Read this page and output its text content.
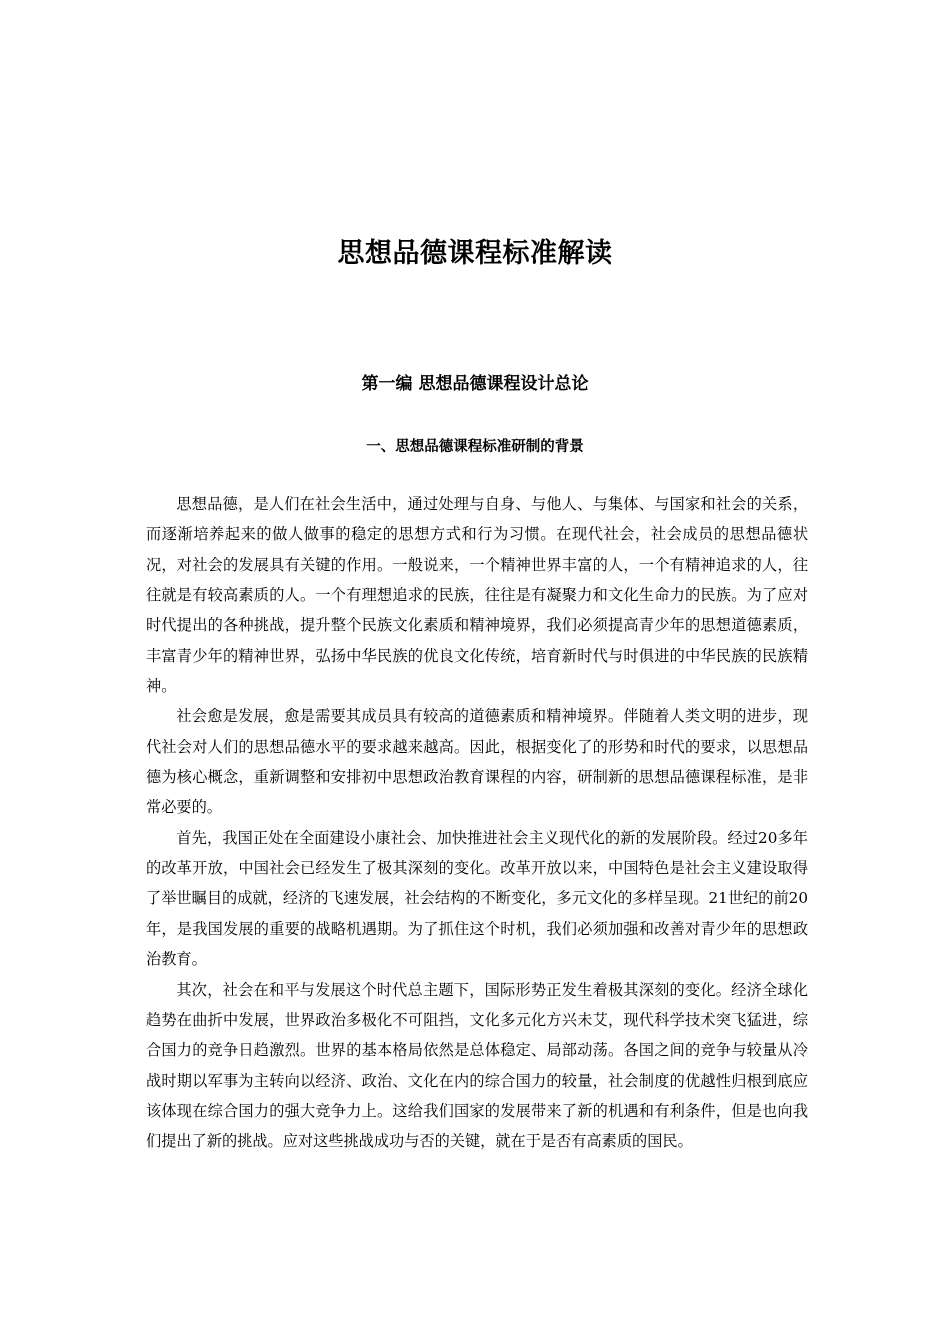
思想品德课程标准解读
第一编 思想品德课程设计总论
一、思想品德课程标准研制的背景

思想品德，是人们在社会生活中，通过处理与自身、与他人、与集体、与国家和社会的关系，而逐渐培养起来的做人做事的稳定的思想方式和行为习惯。在现代社会，社会成员的思想品德状况，对社会的发展具有关键的作用。一般说来，一个精神世界丰富的人，一个有精神追求的人，往往就是有较高素质的人。一个有理想追求的民族，往往是有凝聚力和文化生命力的民族。为了应对时代提出的各种挑战，提升整个民族文化素质和精神境界，我们必须提高青少年的思想道德素质，丰富青少年的精神世界，弘扬中华民族的优良文化传统，培育新时代与时俱进的中华民族的民族精神。

社会愈是发展，愈是需要其成员具有较高的道德素质和精神境界。伴随着人类文明的进步，现代社会对人们的思想品德水平的要求越来越高。因此，根据变化了的形势和时代的要求，以思想品德为核心概念，重新调整和安排初中思想政治教育课程的内容，研制新的思想品德课程标准，是非常必要的。

首先，我国正处在全面建设小康社会、加快推进社会主义现代化的新的发展阶段。经过20多年的改革开放，中国社会已经发生了极其深刻的变化。改革开放以来，中国特色是社会主义建设取得了举世瞩目的成就，经济的飞速发展，社会结构的不断变化，多元文化的多样呈现。21世纪的前20年，是我国发展的重要的战略机遇期。为了抓住这个时机，我们必须加强和改善对青少年的思想政治教育。

其次，社会在和平与发展这个时代总主题下，国际形势正发生着极其深刻的变化。经济全球化趋势在曲折中发展，世界政治多极化不可阻挡，文化多元化方兴未艾，现代科学技术突飞猛进，综合国力的竞争日趋激烈。世界的基本格局依然是总体稳定、局部动荡。各国之间的竞争与较量从冷战时期以军事为主转向以经济、政治、文化在内的综合国力的较量，社会制度的优越性归根到底应该体现在综合国力的强大竞争力上。这给我们国家的发展带来了新的机遇和有利条件，但是也向我们提出了新的挑战。应对这些挑战成功与否的关键，就在于是否有高素质的国民。
